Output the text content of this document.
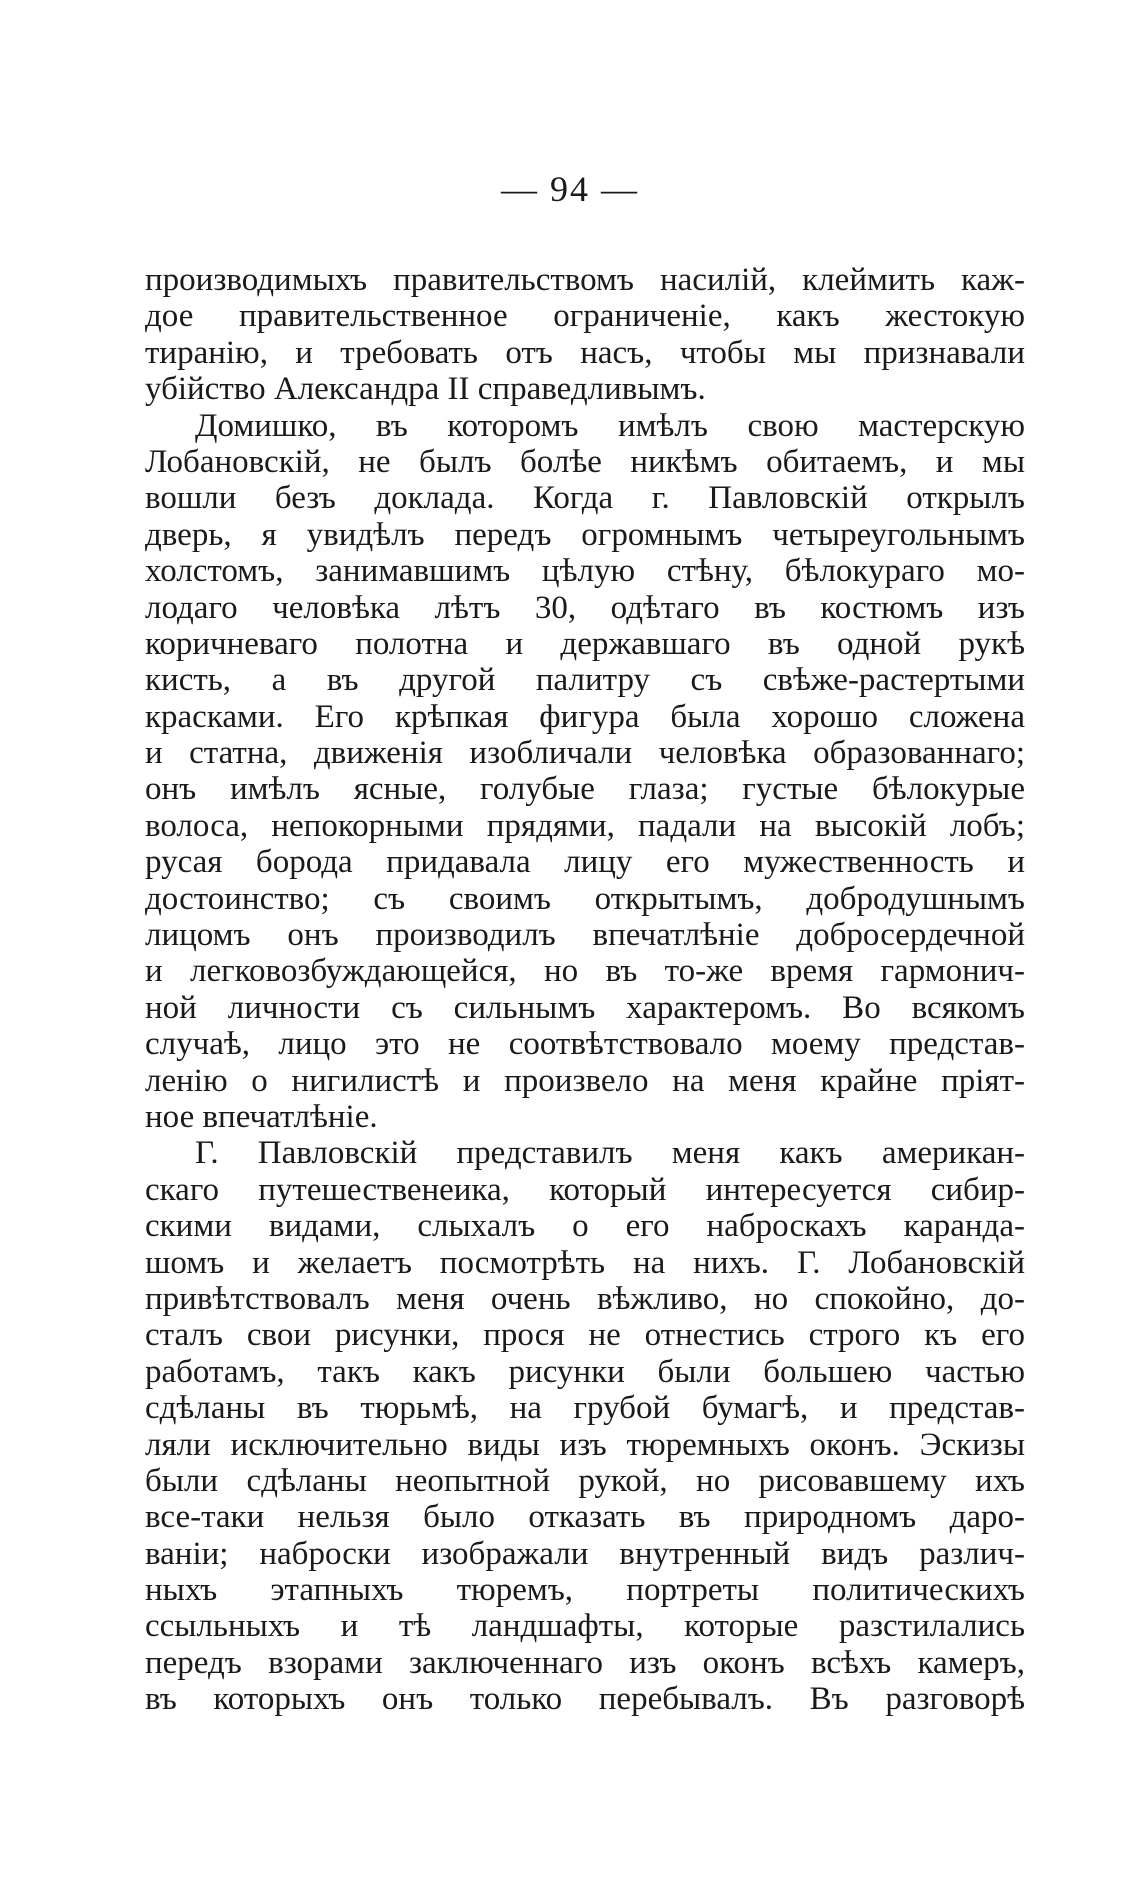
— 94 —
производимыхъ правительствомъ насилій, клеймить каж-
дое правительственное ограниченіе, какъ жестокую
тиранію, и требовать отъ насъ, чтобы мы признавали
убійство Александра II справедливымъ.
Домишко, въ которомъ имѣлъ свою мастерскую
Лобановскій, не былъ болѣе никѣмъ обитаемъ, и мы
вошли безъ доклада. Когда г. Павловскій открылъ
дверь, я увидѣлъ передъ огромнымъ четыреугольнымъ
холстомъ, занимавшимъ цѣлую стѣну, бѣлокураго мо-
лодаго человѣка лѣтъ 30, одѣтаго въ костюмъ изъ
коричневаго полотна и державшаго въ одной рукѣ
кисть, а въ другой палитру съ свѣже-растертыми
красками. Его крѣпкая фигура была хорошо сложена
и статна, движенія изобличали человѣка образованнаго;
онъ имѣлъ ясные, голубые глаза; густые бѣлокурые
волоса, непокорными прядями, падали на высокій лобъ;
русая борода придавала лицу его мужественность и
достоинство; съ своимъ открытымъ, добродушнымъ
лицомъ онъ производилъ впечатлѣніе добросердечной
и легковозбуждающейся, но въ то-же время гармонич-
ной личности съ сильнымъ характеромъ. Во всякомъ
случаѣ, лицо это не соотвѣтствовало моему представ-
ленію о нигилистѣ и произвело на меня крайне пріят-
ное впечатлѣніе.
Г. Павловскій представилъ меня какъ американ-
скаго путешественеика, который интересуется сибир-
скими видами, слыхалъ о его наброскахъ каранда-
шомъ и желаетъ посмотрѣть на нихъ. Г. Лобановскій
привѣтствовалъ меня очень вѣжливо, но спокойно, до-
сталъ свои рисунки, прося не отнестись строго къ его
работамъ, такъ какъ рисунки были большею частью
сдѣланы въ тюрьмѣ, на грубой бумагѣ, и представ-
ляли исключительно виды изъ тюремныхъ оконъ. Эскизы
были сдѣланы неопытной рукой, но рисовавшему ихъ
все-таки нельзя было отказать въ природномъ даро-
ваніи; наброски изображали внутренный видъ различ-
ныхъ этапныхъ тюремъ, портреты политическихъ
ссыльныхъ и тѣ ландшафты, которые разстилались
передъ взорами заключеннаго изъ оконъ всѣхъ камеръ,
въ которыхъ онъ только перебывалъ. Въ разговорѣ
